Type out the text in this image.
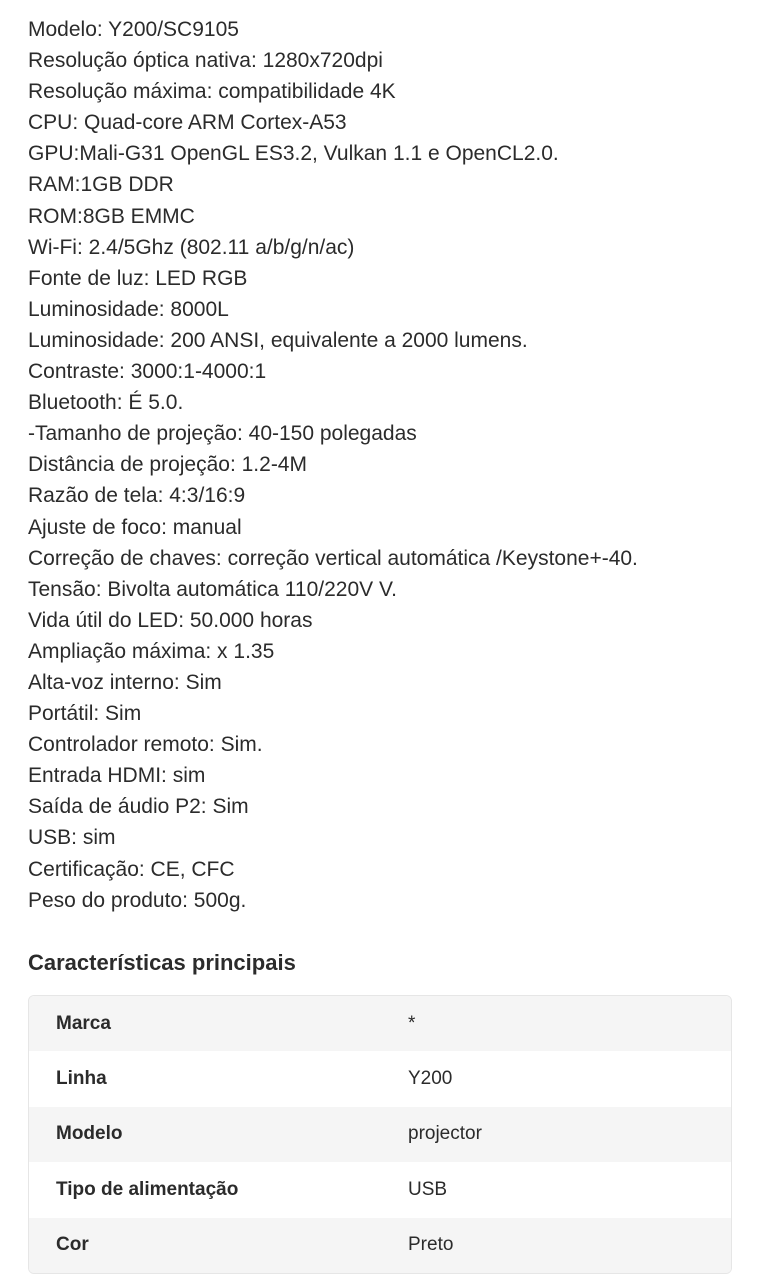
Modelo: Y200/SC9105
Resolução óptica nativa: 1280x720dpi
Resolução máxima: compatibilidade 4K
CPU: Quad-core ARM Cortex-A53
GPU:Mali-G31 OpenGL ES3.2, Vulkan 1.1 e OpenCL2.0.
RAM:1GB DDR
ROM:8GB EMMC
Wi-Fi: 2.4/5Ghz (802.11 a/b/g/n/ac)
Fonte de luz: LED RGB
Luminosidade: 8000L
Luminosidade: 200 ANSI, equivalente a 2000 lumens.
Contraste: 3000:1-4000:1
Bluetooth: É 5.0.
-Tamanho de projeção: 40-150 polegadas
Distância de projeção: 1.2-4M
Razão de tela: 4:3/16:9
Ajuste de foco: manual
Correção de chaves: correção vertical automática /Keystone+-40.
Tensão: Bivolta automática 110/220V V.
Vida útil do LED: 50.000 horas
Ampliação máxima: x 1.35
Alta-voz interno: Sim
Portátil: Sim
Controlador remoto: Sim.
Entrada HDMI: sim
Saída de áudio P2: Sim
USB: sim
Certificação: CE, CFC
Peso do produto: 500g.
Características principais
Marca	*
Linha	Y200
Modelo	projector
Tipo de alimentação	USB
Cor	Preto
